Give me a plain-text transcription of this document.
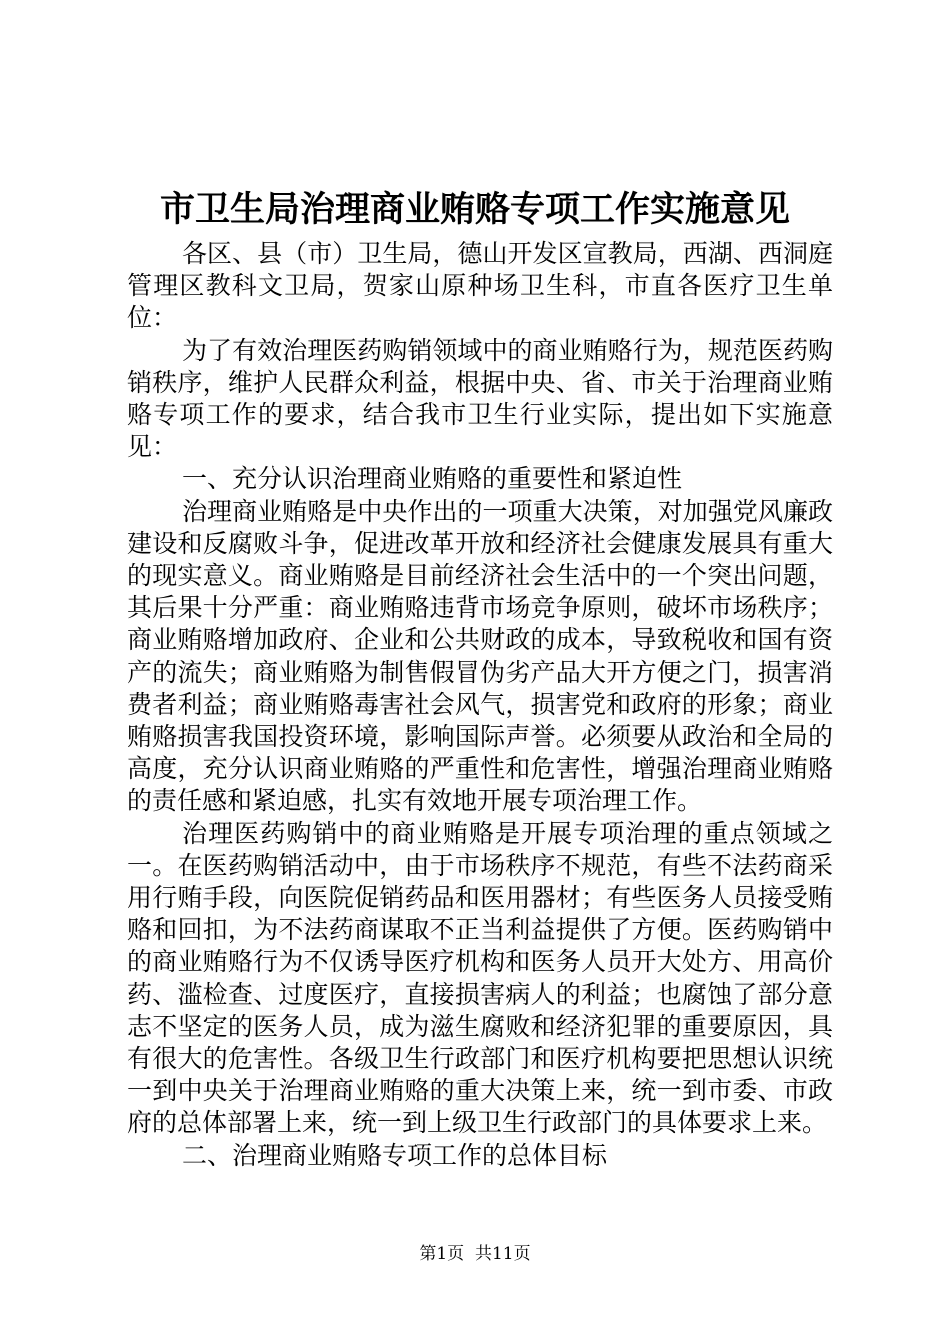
市卫生局治理商业贿赂专项工作实施意见

各区、县（市）卫生局，德山开发区宣教局，西湖、西洞庭管理区教科文卫局，贺家山原种场卫生科，市直各医疗卫生单位：

为了有效治理医药购销领域中的商业贿赂行为，规范医药购销秩序，维护人民群众利益，根据中央、省、市关于治理商业贿赂专项工作的要求，结合我市卫生行业实际，提出如下实施意见：

一、充分认识治理商业贿赂的重要性和紧迫性

治理商业贿赂是中央作出的一项重大决策，对加强党风廉政建设和反腐败斗争，促进改革开放和经济社会健康发展具有重大的现实意义。商业贿赂是目前经济社会生活中的一个突出问题，其后果十分严重：商业贿赂违背市场竞争原则，破坏市场秩序；商业贿赂增加政府、企业和公共财政的成本，导致税收和国有资产的流失；商业贿赂为制售假冒伪劣产品大开方便之门，损害消费者利益；商业贿赂毒害社会风气，损害党和政府的形象；商业贿赂损害我国投资环境，影响国际声誉。必须要从政治和全局的高度，充分认识商业贿赂的严重性和危害性，增强治理商业贿赂的责任感和紧迫感，扎实有效地开展专项治理工作。

治理医药购销中的商业贿赂是开展专项治理的重点领域之一。在医药购销活动中，由于市场秩序不规范，有些不法药商采用行贿手段，向医院促销药品和医用器材；有些医务人员接受贿赂和回扣，为不法药商谋取不正当利益提供了方便。医药购销中的商业贿赂行为不仅诱导医疗机构和医务人员开大处方、用高价药、滥检查、过度医疗，直接损害病人的利益；也腐蚀了部分意志不坚定的医务人员，成为滋生腐败和经济犯罪的重要原因，具有很大的危害性。各级卫生行政部门和医疗机构要把思想认识统一到中央关于治理商业贿赂的重大决策上来，统一到市委、市政府的总体部署上来，统一到上级卫生行政部门的具体要求上来。

二、治理商业贿赂专项工作的总体目标

第1页  共11页
